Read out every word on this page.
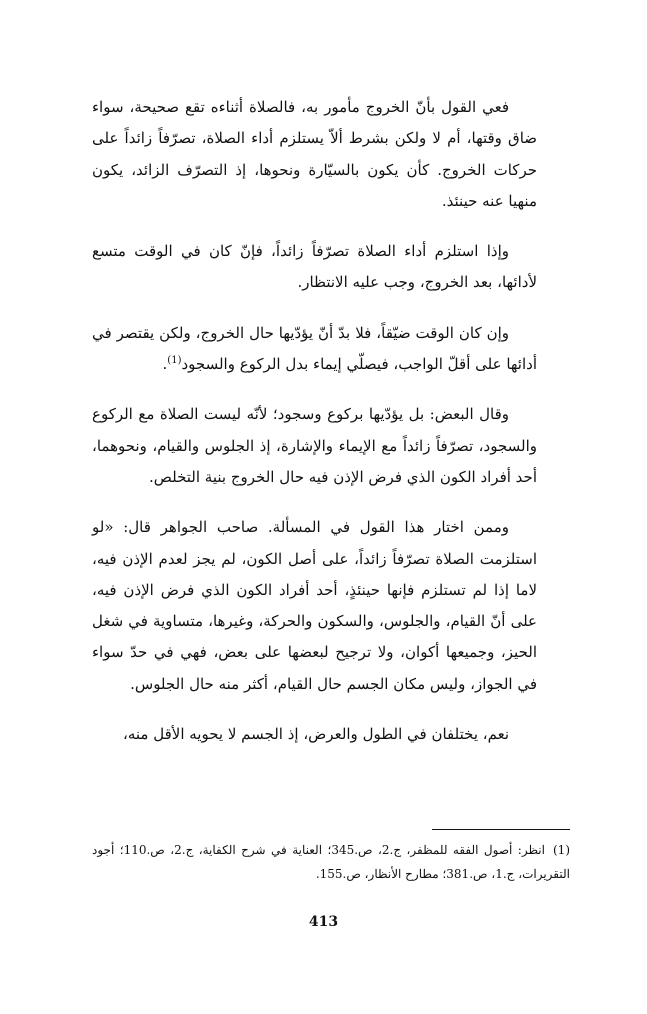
فعي القول بأنّ الخروج مأمور به، فالصلاة أثناءه تقع صحيحة، سواء ضاق وقتها، أم لا ولكن بشرط ألاّ يستلزم أداء الصلاة، تصرّفاً زائداً على حركات الخروج. كأن يكون بالسيّارة ونحوها، إذ التصرّف الزائد، يكون منهيا عنه حينئذ.

وإذا استلزم أداء الصلاة تصرّفاً زائداً، فإنّ كان في الوقت متسع لأدائها، بعد الخروج، وجب عليه الانتظار.

وإن كان الوقت ضيّقاً، فلا بدّ أنّ يؤدّيها حال الخروج، ولكن يقتصر في أدائها على أقلّ الواجب، فيصلّي إيماء بدل الركوع والسجود$^{(1)}$.

وقال البعض: بل يؤدّيها بركوع وسجود؛ لأنّه ليست الصلاة مع الركوع والسجود، تصرّفاً زائداً مع الإيماء والإشارة، إذ الجلوس والقيام، ونحوهما، أحد أفراد الكون الذي فرض الإذن فيه حال الخروج بنية التخلص.

وممن اختار هذا القول في المسألة. صاحب الجواهر قال: «لو استلزمت الصلاة تصرّفاً زائداً، على أصل الكون، لم يجز لعدم الإذن فيه، لاما إذا لم تستلزم فإنها حينئذٍ، أحد أفراد الكون الذي فرض الإذن فيه، على أنّ القيام، والجلوس، والسكون والحركة، وغيرها، متساوية في شغل الحيز، وجميعها أكوان، ولا ترجيح لبعضها على بعض، فهي في حدّ سواء في الجواز، وليس مكان الجسم حال القيام، أكثر منه حال الجلوس.

نعم، يختلفان في الطول والعرض، إذ الجسم لا يحويه الأقل منه،

(1)انظر: أصول الفقه للمظفر، ج.2، ص.345؛ العناية في شرح الكفاية، ج.2، ص.110؛ أجود التقريرات، ج.1، ص.381؛ مطارح الأنظار، ص.155.
413
